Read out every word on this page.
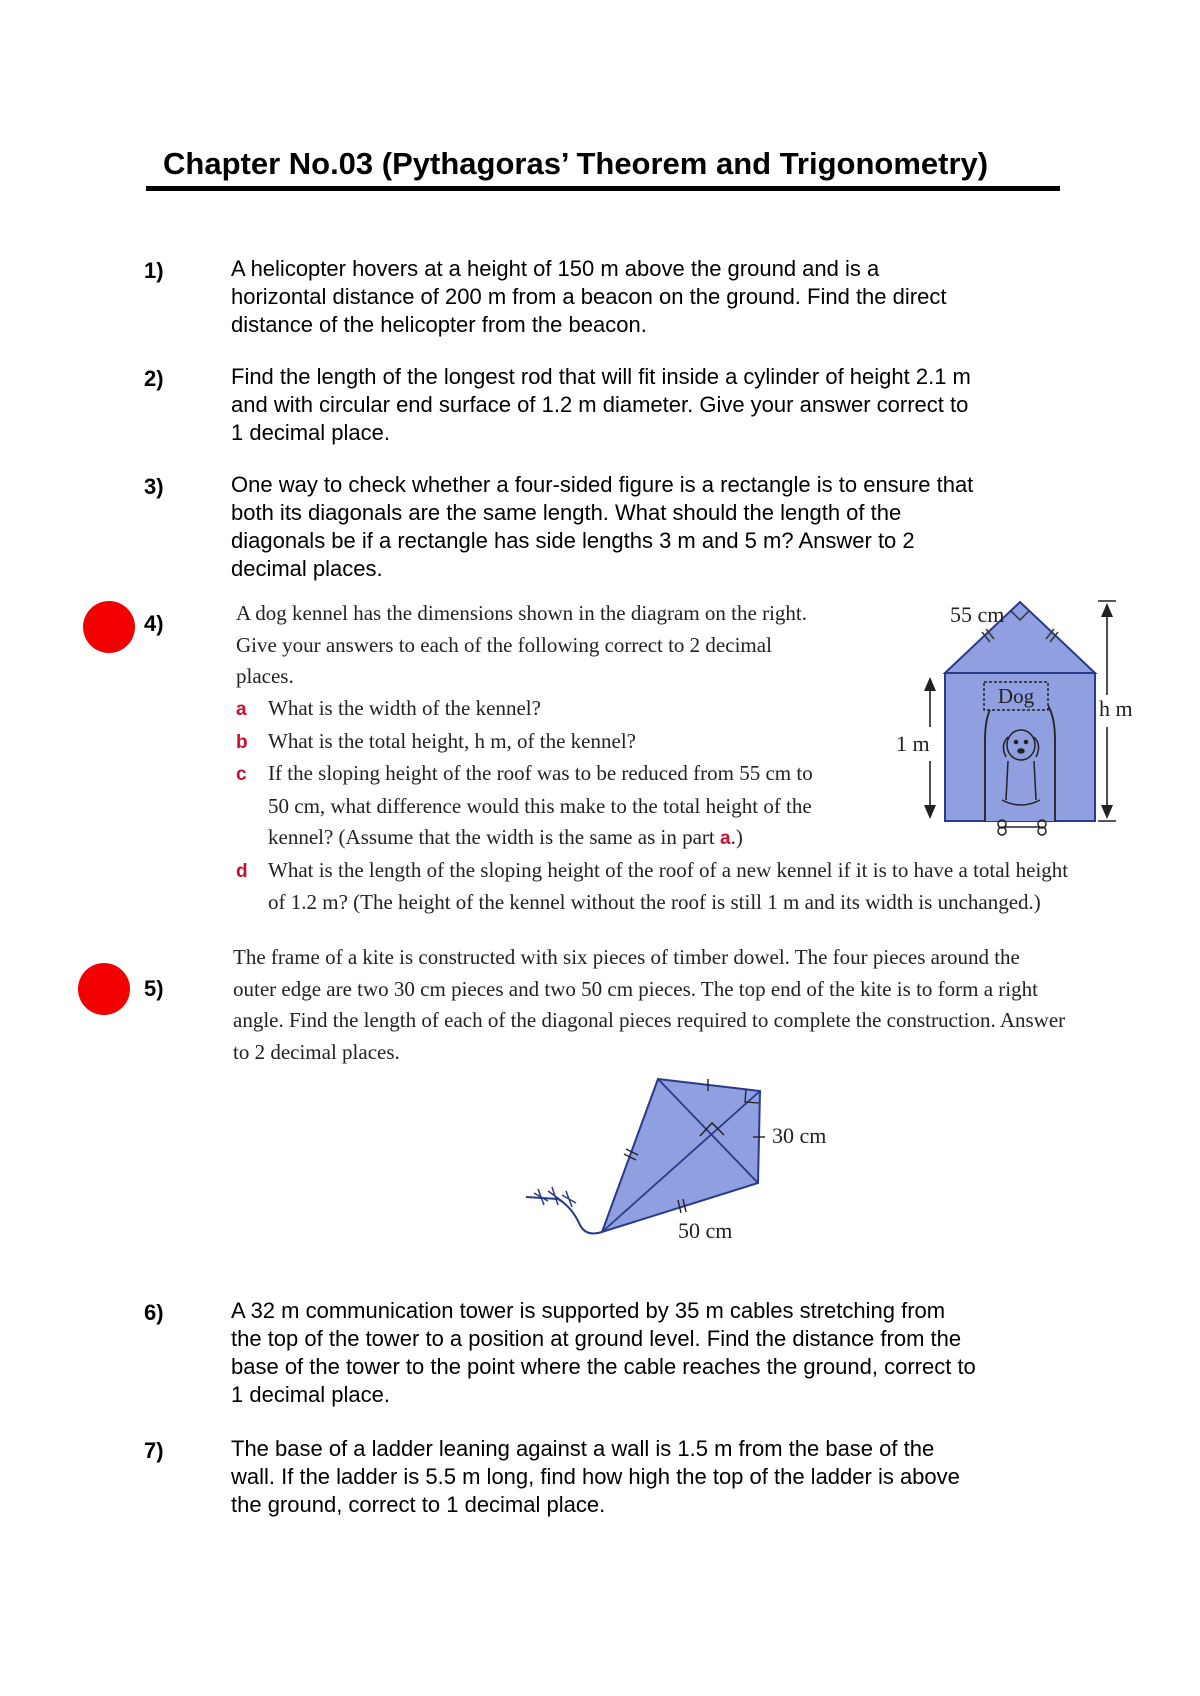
Chapter No.03 (Pythagoras’ Theorem and Trigonometry)
1)	A helicopter hovers at a height of 150 m above the ground and is a
horizontal distance of 200 m from a beacon on the ground. Find the direct
distance of the helicopter from the beacon.
2)	Find the length of the longest rod that will fit inside a cylinder of height 2.1 m
and with circular end surface of 1.2 m diameter. Give your answer correct to
1 decimal place.
3)	One way to check whether a four-sided figure is a rectangle is to ensure that
both its diagonals are the same length. What should the length of the
diagonals be if a rectangle has side lengths 3 m and 5 m? Answer to 2
decimal places.
4)	A dog kennel has the dimensions shown in the diagram on the right.
Give your answers to each of the following correct to 2 decimal
places.
a What is the width of the kennel?
b What is the total height, h m, of the kennel?
c If the sloping height of the roof was to be reduced from 55 cm to
50 cm, what difference would this make to the total height of the
kennel? (Assume that the width is the same as in part a.)
d What is the length of the sloping height of the roof of a new kennel if it is to have a total height
of 1.2 m? (The height of the kennel without the roof is still 1 m and its width is unchanged.)
Dog
55 cm
h m
1 m
5)
The frame of a kite is constructed with six pieces of timber dowel. The four pieces around the
outer edge are two 30 cm pieces and two 50 cm pieces. The top end of the kite is to form a right
angle. Find the length of each of the diagonal pieces required to complete the construction. Answer
to 2 decimal places.
30 cm
50 cm
6)	A 32 m communication tower is supported by 35 m cables stretching from
the top of the tower to a position at ground level. Find the distance from the
base of the tower to the point where the cable reaches the ground, correct to
1 decimal place.
7)	The base of a ladder leaning against a wall is 1.5 m from the base of the
wall. If the ladder is 5.5 m long, find how high the top of the ladder is above
the ground, correct to 1 decimal place.
